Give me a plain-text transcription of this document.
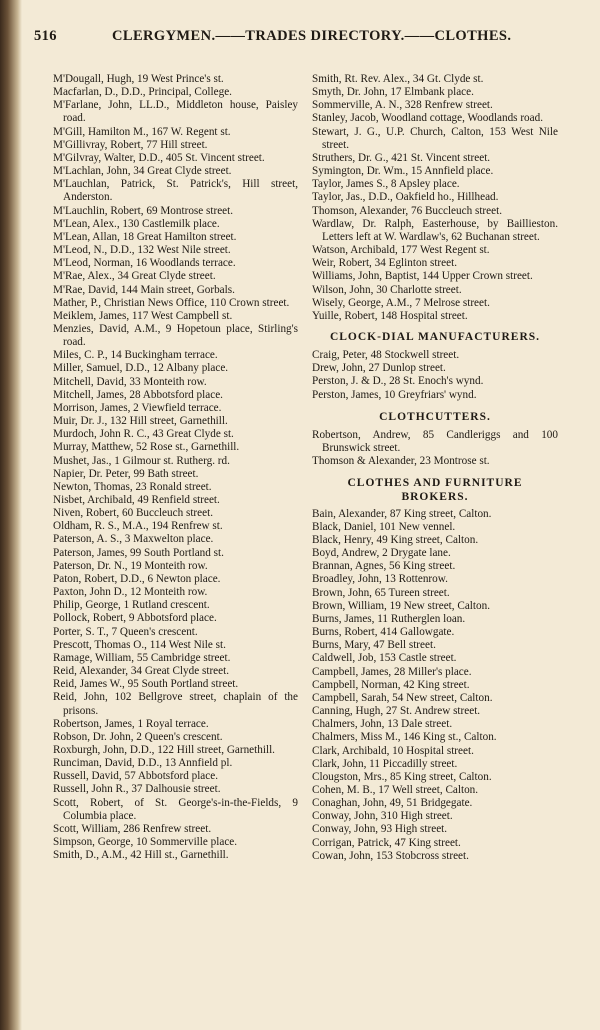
516	CLERGYMEN.——TRADES DIRECTORY.——CLOTHES.
M'Dougall, Hugh, 19 West Prince's st.
Macfarlan, D., D.D., Principal, College.
M'Farlane, John, LL.D., Middleton house, Paisley road.
M'Gill, Hamilton M., 167 W. Regent st.
M'Gillivray, Robert, 77 Hill street.
M'Gilvray, Walter, D.D., 405 St. Vincent street.
M'Lachlan, John, 34 Great Clyde street.
M'Lauchlan, Patrick, St. Patrick's, Hill street, Anderston.
M'Lauchlin, Robert, 69 Montrose street.
M'Lean, Alex., 130 Castlemilk place.
M'Lean, Allan, 18 Great Hamilton street.
M'Leod, N., D.D., 132 West Nile street.
M'Leod, Norman, 16 Woodlands terrace.
M'Rae, Alex., 34 Great Clyde street.
M'Rae, David, 144 Main street, Gorbals.
Mather, P., Christian News Office, 110 Crown street.
Meiklem, James, 117 West Campbell st.
Menzies, David, A.M., 9 Hopetoun place, Stirling's road.
Miles, C. P., 14 Buckingham terrace.
Miller, Samuel, D.D., 12 Albany place.
Mitchell, David, 33 Monteith row.
Mitchell, James, 28 Abbotsford place.
Morrison, James, 2 Viewfield terrace.
Muir, Dr. J., 132 Hill street, Garnethill.
Murdoch, John R. C., 43 Great Clyde st.
Murray, Matthew, 52 Rose st., Garnethill.
Mushet, Jas., 1 Gilmour st. Rutherg. rd.
Napier, Dr. Peter, 99 Bath street.
Newton, Thomas, 23 Ronald street.
Nisbet, Archibald, 49 Renfield street.
Niven, Robert, 60 Buccleuch street.
Oldham, R. S., M.A., 194 Renfrew st.
Paterson, A. S., 3 Maxwelton place.
Paterson, James, 99 South Portland st.
Paterson, Dr. N., 19 Monteith row.
Paton, Robert, D.D., 6 Newton place.
Paxton, John D., 12 Monteith row.
Philip, George, 1 Rutland crescent.
Pollock, Robert, 9 Abbotsford place.
Porter, S. T., 7 Queen's crescent.
Prescott, Thomas O., 114 West Nile st.
Ramage, William, 55 Cambridge street.
Reid, Alexander, 34 Great Clyde street.
Reid, James W., 95 South Portland street.
Reid, John, 102 Bellgrove street, chaplain of the prisons.
Robertson, James, 1 Royal terrace.
Robson, Dr. John, 2 Queen's crescent.
Roxburgh, John, D.D., 122 Hill street, Garnethill.
Runciman, David, D.D., 13 Annfield pl.
Russell, David, 57 Abbotsford place.
Russell, John R., 37 Dalhousie street.
Scott, Robert, of St. George's-in-the-Fields, 9 Columbia place.
Scott, William, 286 Renfrew street.
Simpson, George, 10 Sommerville place.
Smith, D., A.M., 42 Hill st., Garnethill.
Smith, Rt. Rev. Alex., 34 Gt. Clyde st.
Smyth, Dr. John, 17 Elmbank place.
Sommerville, A. N., 328 Renfrew street.
Stanley, Jacob, Woodland cottage, Woodlands road.
Stewart, J. G., U.P. Church, Calton, 153 West Nile street.
Struthers, Dr. G., 421 St. Vincent street.
Symington, Dr. Wm., 15 Annfield place.
Taylor, James S., 8 Apsley place.
Taylor, Jas., D.D., Oakfield ho., Hillhead.
Thomson, Alexander, 76 Buccleuch street.
Wardlaw, Dr. Ralph, Easterhouse, by Baillieston. Letters left at W. Wardlaw's, 62 Buchanan street.
Watson, Archibald, 177 West Regent st.
Weir, Robert, 34 Eglinton street.
Williams, John, Baptist, 144 Upper Crown street.
Wilson, John, 30 Charlotte street.
Wisely, George, A.M., 7 Melrose street.
Yuille, Robert, 148 Hospital street.
CLOCK-DIAL MANUFACTURERS.
Craig, Peter, 48 Stockwell street.
Drew, John, 27 Dunlop street.
Perston, J. & D., 28 St. Enoch's wynd.
Perston, James, 10 Greyfriars' wynd.
CLOTHCUTTERS.
Robertson, Andrew, 85 Candleriggs and 100 Brunswick street.
Thomson & Alexander, 23 Montrose st.
CLOTHES AND FURNITURE
BROKERS.
Bain, Alexander, 87 King street, Calton.
Black, Daniel, 101 New vennel.
Black, Henry, 49 King street, Calton.
Boyd, Andrew, 2 Drygate lane.
Brannan, Agnes, 56 King street.
Broadley, John, 13 Rottenrow.
Brown, John, 65 Tureen street.
Brown, William, 19 New street, Calton.
Burns, James, 11 Rutherglen loan.
Burns, Robert, 414 Gallowgate.
Burns, Mary, 47 Bell street.
Caldwell, Job, 153 Castle street.
Campbell, James, 28 Miller's place.
Campbell, Norman, 42 King street.
Campbell, Sarah, 54 New street, Calton.
Canning, Hugh, 27 St. Andrew street.
Chalmers, John, 13 Dale street.
Chalmers, Miss M., 146 King st., Calton.
Clark, Archibald, 10 Hospital street.
Clark, John, 11 Piccadilly street.
Clougston, Mrs., 85 King street, Calton.
Cohen, M. B., 17 Well street, Calton.
Conaghan, John, 49, 51 Bridgegate.
Conway, John, 310 High street.
Conway, John, 93 High street.
Corrigan, Patrick, 47 King street.
Cowan, John, 153 Stobcross street.
